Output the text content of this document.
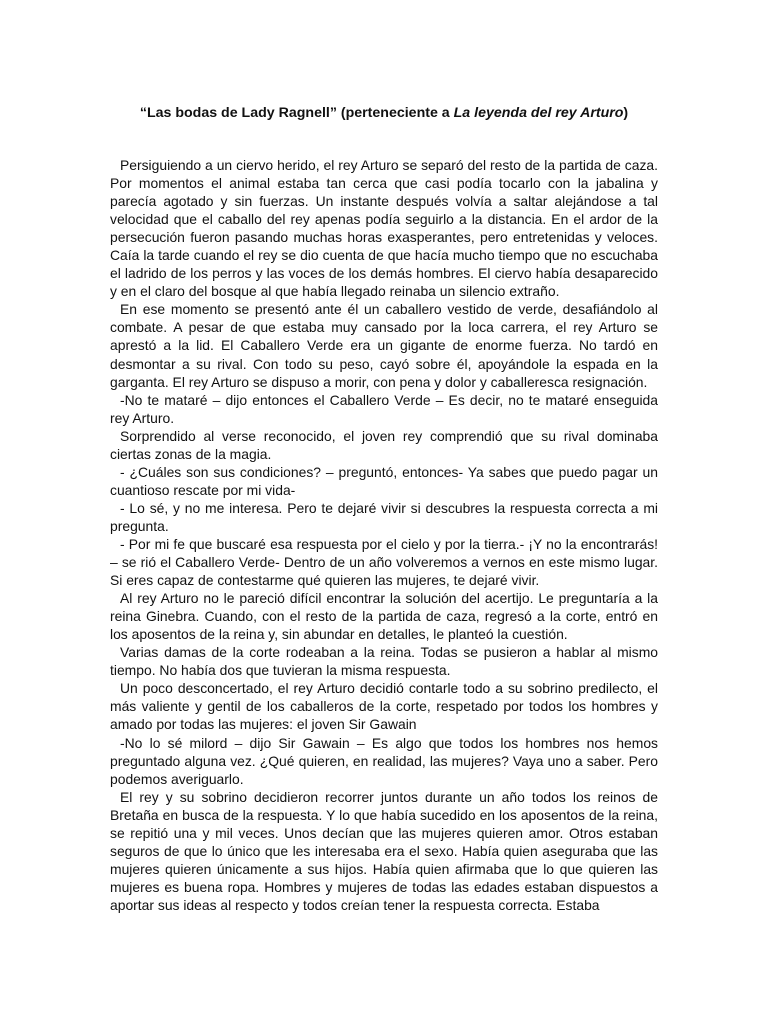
“Las bodas de Lady Ragnell” (perteneciente a La leyenda del rey Arturo)

Persiguiendo a un ciervo herido, el rey Arturo se separó del resto de la partida de caza. Por momentos el animal estaba tan cerca que casi podía tocarlo con la jabalina y parecía agotado y sin fuerzas. Un instante después volvía a saltar alejándose a tal velocidad que el caballo del rey apenas podía seguirlo a la distancia. En el ardor de la persecución fueron pasando muchas horas exasperantes, pero entretenidas y veloces. Caía la tarde cuando el rey se dio cuenta de que hacía mucho tiempo que no escuchaba el ladrido de los perros y las voces de los demás hombres. El ciervo había desaparecido y en el claro del bosque al que había llegado reinaba un silencio extraño.

En ese momento se presentó ante él un caballero vestido de verde, desafiándolo al combate. A pesar de que estaba muy cansado por la loca carrera, el rey Arturo se aprestó a la lid. El Caballero Verde era un gigante de enorme fuerza. No tardó en desmontar a su rival. Con todo su peso, cayó sobre él, apoyándole la espada en la garganta. El rey Arturo se dispuso a morir, con pena y dolor y caballeresca resignación.

-No te mataré – dijo entonces el Caballero Verde – Es decir, no te mataré enseguida rey Arturo.

Sorprendido al verse reconocido, el joven rey comprendió que su rival dominaba ciertas zonas de la magia.

- ¿Cuáles son sus condiciones? – preguntó, entonces- Ya sabes que puedo pagar un cuantioso rescate por mi vida-

- Lo sé, y no me interesa. Pero te dejaré vivir si descubres la respuesta correcta a mi pregunta.

- Por mi fe que buscaré esa respuesta por el cielo y por la tierra.- ¡Y no la encontrarás! – se rió el Caballero Verde- Dentro de un año volveremos a vernos en este mismo lugar. Si eres capaz de contestarme qué quieren las mujeres, te dejaré vivir.

Al rey Arturo no le pareció difícil encontrar la solución del acertijo. Le preguntaría a la reina Ginebra. Cuando, con el resto de la partida de caza, regresó a la corte, entró en los aposentos de la reina y, sin abundar en detalles, le planteó la cuestión.

Varias damas de la corte rodeaban a la reina. Todas se pusieron a hablar al mismo tiempo. No había dos que tuvieran la misma respuesta.

Un poco desconcertado, el rey Arturo decidió contarle todo a su sobrino predilecto, el más valiente y gentil de los caballeros de la corte, respetado por todos los hombres y amado por todas las mujeres: el joven Sir Gawain

-No lo sé milord – dijo Sir Gawain – Es algo que todos los hombres nos hemos preguntado alguna vez. ¿Qué quieren, en realidad, las mujeres? Vaya uno a saber. Pero podemos averiguarlo.

El rey y su sobrino decidieron recorrer juntos durante un año todos los reinos de Bretaña en busca de la respuesta. Y lo que había sucedido en los aposentos de la reina, se repitió una y mil veces. Unos decían que las mujeres quieren amor. Otros estaban seguros de que lo único que les interesaba era el sexo. Había quien aseguraba que las mujeres quieren únicamente a sus hijos. Había quien afirmaba que lo que quieren las mujeres es buena ropa. Hombres y mujeres de todas las edades estaban dispuestos a aportar sus ideas al respecto y todos creían tener la respuesta correcta. Estaba
